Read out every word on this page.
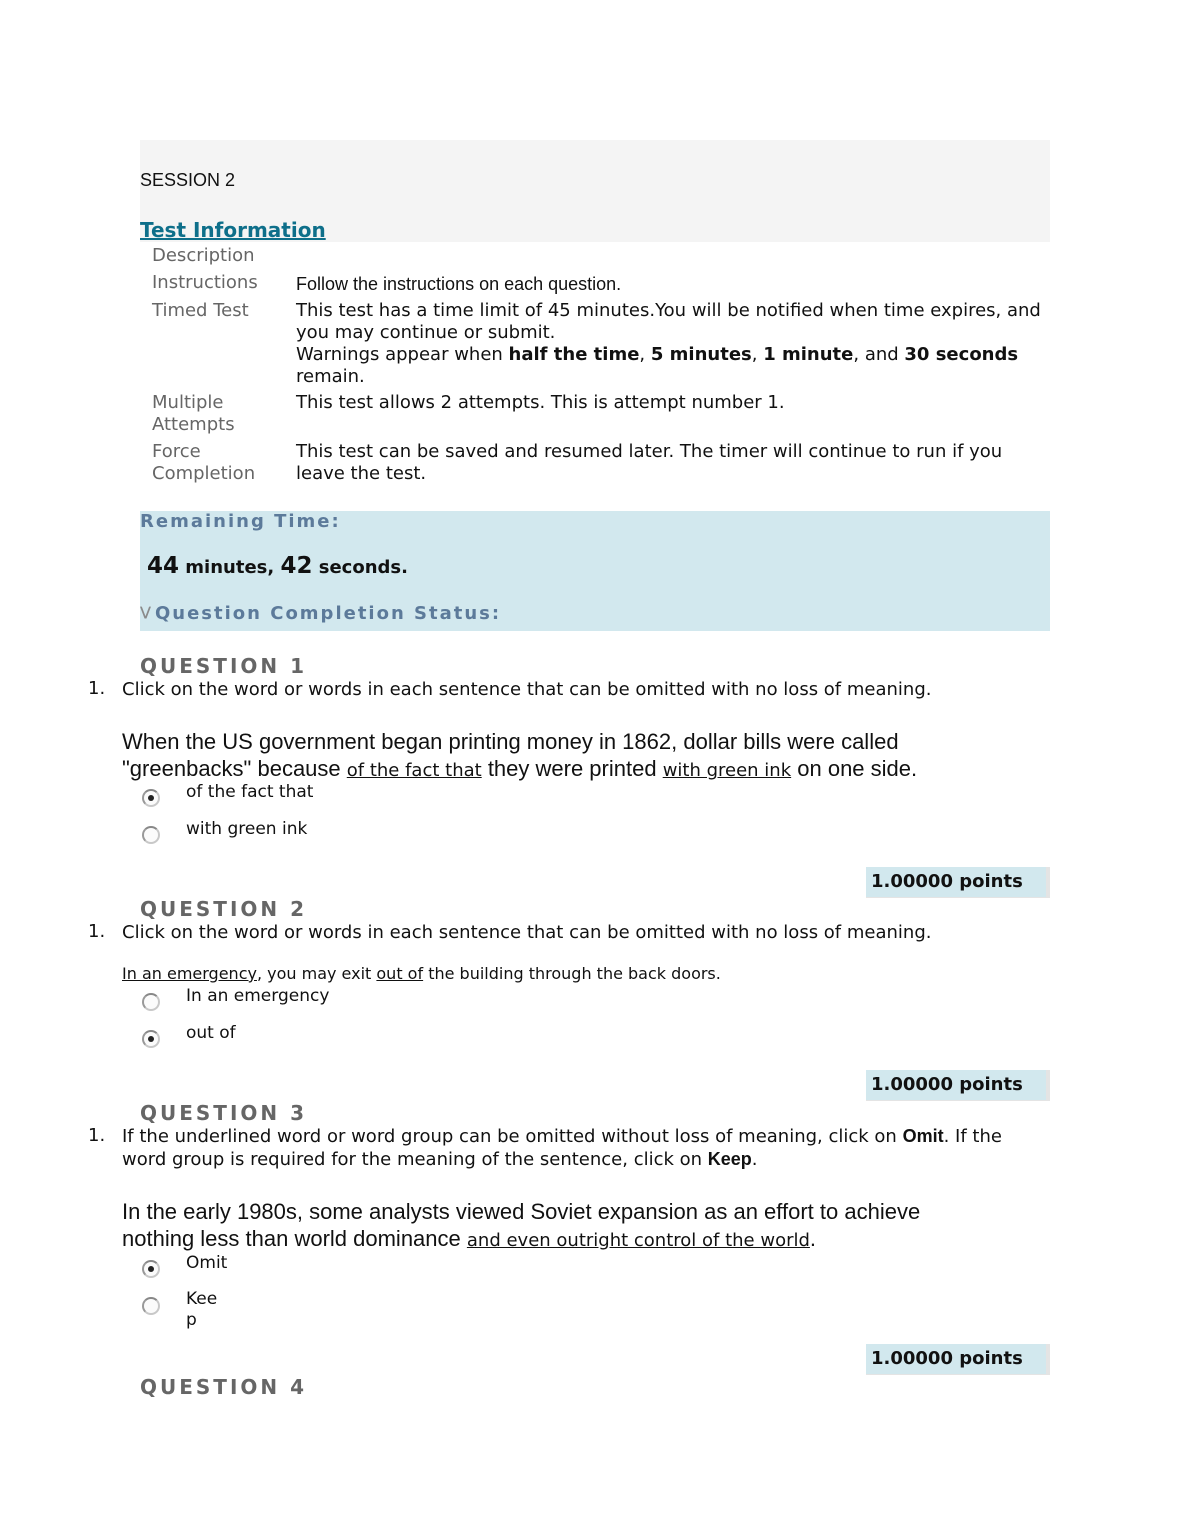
SESSION 2
Test Information
Description
Instructions Follow the instructions on each question.
Timed Test	This test has a time limit of 45 minutes.You will be notified when time expires, and you may continue or submit.
Warnings appear when half the time, 5 minutes, 1 minute, and 30 seconds remain.
Multiple
Attempts
This test allows 2 attempts. This is attempt number 1.
Force
Completion
This test can be saved and resumed later. The timer will continue to run if you leave the test.
Remaining Time:
44 minutes, 42 seconds.
⋁ Question Completion Status:
QUESTION 1
1. Click on the word or words in each sentence that can be omitted with no loss of meaning.
When the US government began printing money in 1862, dollar bills were called
"greenbacks" because of the fact that they were printed with green ink on one side.
of the fact that
with green ink
1.00000 points
QUESTION 2
1. Click on the word or words in each sentence that can be omitted with no loss of meaning.
In an emergency, you may exit out of the building through the back doors.
In an emergency
out of
1.00000 points
QUESTION 3
1. If the underlined word or word group can be omitted without loss of meaning, click on Omit. If the word group is required for the meaning of the sentence, click on Keep.
In the early 1980s, some analysts viewed Soviet expansion as an effort to achieve
nothing less than world dominance and even outright control of the world.
Omit
Kee
p
1.00000 points
QUESTION 4
